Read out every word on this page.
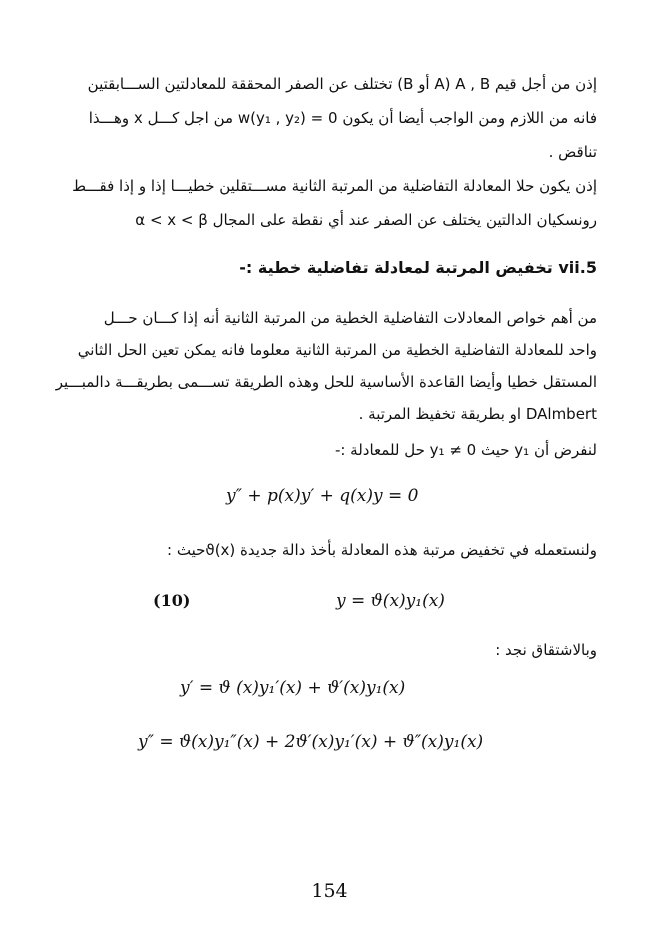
إذن من أجل قيم A , B (A أو B) تختلف عن الصفر المحققة للمعادلتين الســـابقتين
فانه من اللازم ومن الواجب أيضا أن يكون w(y₁ , y₂) = 0 من اجل كـــل x وهـــذا
تناقض .
إذن يكون حلا المعادلة التفاضلية من المرتبة الثانية مســـتقلين خطيـــا إذا و إذا فقـــط
رونسكيان الدالتين يختلف عن الصفر عند أي نقطة على المجال α < x < β
5.vii تخفيض المرتبة لمعادلة تفاضلية خطية :-
من أهم خواص المعادلات التفاضلية الخطية من المرتبة الثانية أنه إذا كـــان حـــل
واحد للمعادلة التفاضلية الخطية من المرتبة الثانية معلوما فانه يمكن تعين الحل الثاني
المستقل خطيا وأيضا القاعدة الأساسية للحل وهذه الطريقة تســـمى بطريقـــة دالمبـــير
DAlmbert او بطريقة تخفيظ المرتبة .
لنفرض أن y₁ حيث y₁ ≠ 0 حل للمعادلة :-
y″ + p(x)y′ + q(x)y = 0
ولنستعمله في تخفيض مرتبة هذه المعادلة بأخذ دالة جديدة ϑ(x)حيث :
(10)	y = ϑ(x)y₁(x)
وبالاشتقاق نجد :
y′ = ϑ (x)y₁′(x) + ϑ′(x)y₁(x)
y″ = ϑ(x)y₁″(x) + 2ϑ′(x)y₁′(x) + ϑ″(x)y₁(x)
154
